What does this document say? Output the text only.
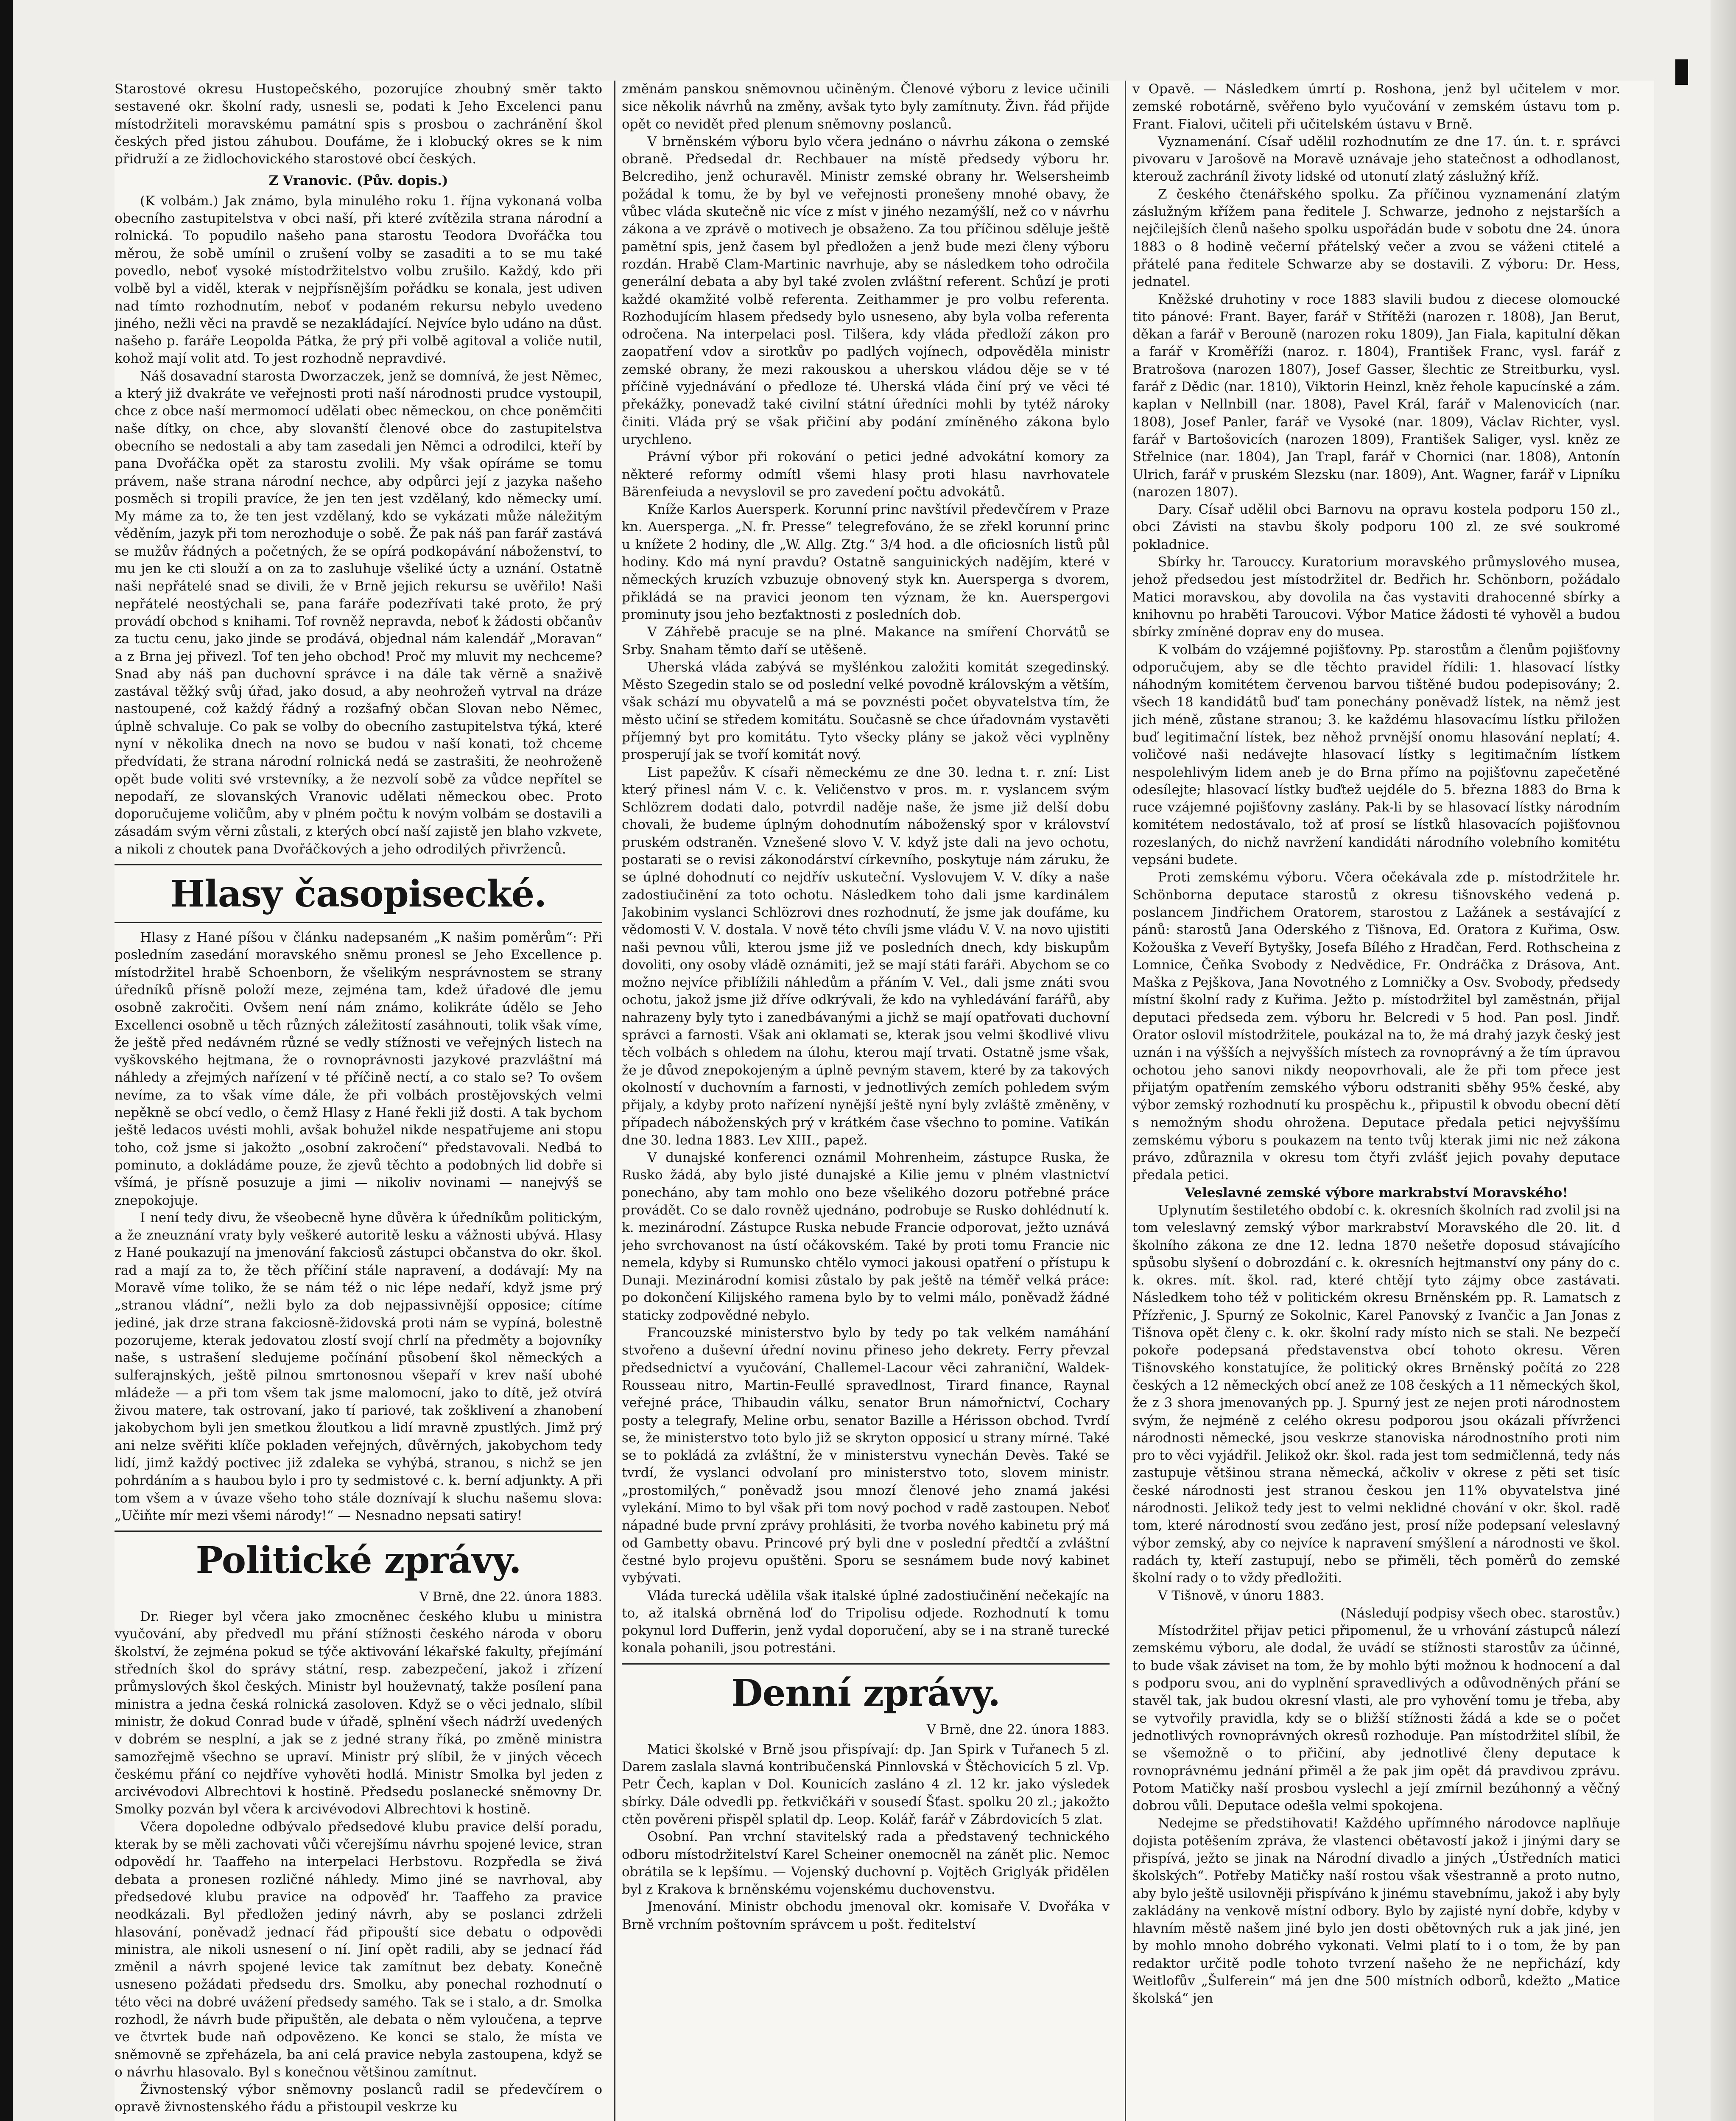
Starostové okresu Hustopečského, pozorujíce zhoubný směr takto sestavené okr. školní rady, usnesli se, podati k Jeho Excelenci panu místodržiteli moravskému památní spis s prosbou o zachránění škol českých před jistou záhubou. Doufáme, že i klobucký okres se k nim přidruží a ze židlochovického starostové obcí českých.

Z Vranovic. (Pův. dopis.)

(K volbám.) Jak známo, byla minulého roku 1. října vykonaná volba obecního zastupitelstva v obci naší, při které zvítězila strana národní a rolnická. To popudilo našeho pana starostu Teodora Dvořáčka tou měrou, že sobě umínil o zrušení volby se zasaditi a to se mu také povedlo, neboť vysoké místodržitelstvo volbu zrušilo. Každý, kdo při volbě byl a viděl, kterak v nejpřísnějším pořádku se konala, jest udiven nad tímto rozhodnutím, neboť v podaném rekursu nebylo uvedeno jiného, nežli věci na pravdě se nezakládající. Nejvíce bylo udáno na důst. našeho p. faráře Leopolda Pátka, že prý při volbě agitoval a voliče nutil, kohož mají volit atd. To jest rozhodně nepravdivé.

Náš dosavadní starosta Dworzaczek, jenž se domnívá, že jest Němec, a který již dvakráte ve veřejnosti proti naší národnosti prudce vystoupil, chce z obce naší mermomocí udělati obec německou, on chce poněmčiti naše dítky, on chce, aby slovanští členové obce do zastupitelstva obecního se nedostali a aby tam zasedali jen Němci a odrodilci, kteří by pana Dvořáčka opět za starostu zvolili. My však opíráme se tomu právem, naše strana národní nechce, aby odpůrci její z jazyka našeho posměch si tropili pravíce, že jen ten jest vzdělaný, kdo německy umí. My máme za to, že ten jest vzdělaný, kdo se vykázati může náležitým věděním, jazyk při tom nerozhoduje o sobě. Že pak náš pan farář zastává se mužův řádných a početných, že se opírá podkopávání náboženství, to mu jen ke cti slouží a on za to zasluhuje všeliké úcty a uznání. Ostatně naši nepřátelé snad se divili, že v Brně jejich rekursu se uvěřilo! Naši nepřátelé neostýchali se, pana faráře podezřívati také proto, že prý provádí obchod s knihami. Tof rovněž nepravda, neboť k žádosti občanův za tuctu cenu, jako jinde se prodává, objednal nám kalendář „Moravan“ a z Brna jej přivezl. Tof ten jeho obchod! Proč my mluvit my nechceme? Snad aby náš pan duchovní správce i na dále tak věrně a snaživě zastával těžký svůj úřad, jako dosud, a aby neohrožeň vytrval na dráze nastoupené, což každý řádný a rozšafný občan Slovan nebo Němec, úplně schvaluje. Co pak se volby do obecního zastupitelstva týká, které nyní v několika dnech na novo se budou v naší konati, tož chceme předvídati, že strana národní rolnická nedá se zastrašiti, že neohroženě opět bude voliti své vrstevníky, a že nezvolí sobě za vůdce nepřítel se nepodaří, ze slovanských Vranovic udělati německou obec. Proto doporučujeme voličům, aby v plném počtu k novým volbám se dostavili a zásadám svým věrni zůstali, z kterých obcí naší zajistě jen blaho vzkvete, a nikoli z choutek pana Dvořáčkových a jeho odrodilých přivrženců.

Hlasy časopisecké.

Hlasy z Hané píšou v článku nadepsaném „K našim poměrům“: Při posledním zasedání moravského sněmu pronesl se Jeho Excellence p. místodržitel hrabě Schoenborn, že všelikým nesprávnostem se strany úředníků přísně položí meze, zejména tam, kdež úřadové dle jemu osobně zakročiti. Ovšem není nám známo, kolikráte údělo se Jeho Excellenci osobně u těch různých záležitostí zasáhnouti, tolik však víme, že ještě před nedávném různé se vedly stížnosti ve veřejných listech na vyškovského hejtmana, že o rovnoprávnosti jazykové prazvláštní má náhledy a zřejmých nařízení v té příčině nectí, a co stalo se? To ovšem nevíme, za to však víme dále, že při volbách prostějovských velmi nepěkně se obcí vedlo, o čemž Hlasy z Hané řekli již dosti. A tak bychom ještě ledacos uvésti mohli, avšak bohužel nikde nespatřujeme ani stopu toho, což jsme si jakožto „osobní zakročení“ představovali. Nedbá to pominuto, a dokládáme pouze, že zjevů těchto a podobných lid dobře si všímá, je přísně posuzuje a jimi — nikoliv novinami — nanejvýš se znepokojuje.

I není tedy divu, že všeobecně hyne důvěra k úředníkům politickým, a že zneuznání vraty byly veškeré autoritě lesku a vážnosti ubývá. Hlasy z Hané poukazují na jmenování fakciosů zástupci občanstva do okr. škol. rad a mají za to, že těch příčiní stále napravení, a dodávají: My na Moravě víme toliko, že se nám též o nic lépe nedaří, když jsme prý „stranou vládní“, nežli bylo za dob nejpassivnější opposice; cítíme jediné, jak drze strana fakciosně-židovská proti nám se vypíná, bolestně pozorujeme, kterak jedovatou zlostí svojí chrlí na předměty a bojovníky naše, s ustrašení sledujeme počínání působení škol německých a sulferajnských, ještě pilnou smrtonosnou všepaří v krev naší ubohé mládeže — a při tom všem tak jsme malomocní, jako to dítě, jež otvírá živou matere, tak ostrovaní, jako tí pariové, tak zošklivení a zhanobení jakobychom byli jen smetkou žloutkou a lidí mravně zpustlých. Jimž prý ani nelze svěřiti klíče pokladen veřejných, důvěrných, jakobychom tedy lidí, jimž každý poctivec již zdaleka se vyhýbá, stranou, s nichž se jen pohrdáním a s haubou bylo i pro ty sedmistové c. k. berní adjunkty. A při tom všem a v úvaze všeho toho stále doznívají k sluchu našemu slova: „Učiňte mír mezi všemi národy!“ — Nesnadno nepsati satiry!

Politické zprávy.
V Brně, dne 22. února 1883.

Dr. Rieger byl včera jako zmocněnec českého klubu u ministra vyučování, aby předvedl mu přání stížnosti českého národa v oboru školství, že zejména pokud se týče aktivování lékařské fakulty, přejímání středních škol do správy státní, resp. zabezpečení, jakož i zřízení průmyslových škol českých. Ministr byl houževnatý, takže posílení pana ministra a jedna česká rolnická zasoloven. Když se o věci jednalo, slíbil ministr, že dokud Conrad bude v úřadě, splnění všech nádrží uvedených v dobrém se nesplní, a jak se z jedné strany říká, po změně ministra samozřejmě všechno se upraví. Ministr prý slíbil, že v jiných věcech českému přání co nejdříve vyhověti hodlá. Ministr Smolka byl jeden z arcivévodovi Albrechtovi k hostině. Předsedu poslanecké sněmovny Dr. Smolky pozván byl včera k arcivévodovi Albrechtovi k hostině.

Včera dopoledne odbývalo předsedové klubu pravice delší poradu, kterak by se měli zachovati vůči včerejšímu návrhu spojené levice, stran odpovědí hr. Taaffeho na interpelaci Herbstovu. Rozpředla se živá debata a pronesen rozličné náhledy. Mimo jiné se navrhoval, aby předsedové klubu pravice na odpověď hr. Taaffeho za pravice neodkázali. Byl předložen jediný návrh, aby se poslanci zdrželi hlasování, poněvadž jednací řád připouští sice debatu o odpovědi ministra, ale nikoli usnesení o ní. Jiní opět radili, aby se jednací řád změnil a návrh spojené levice tak zamítnut bez debaty. Konečně usneseno požádati předsedu drs. Smolku, aby ponechal rozhodnutí o této věci na dobré uvážení předsedy samého. Tak se i stalo, a dr. Smolka rozhodl, že návrh bude připuštěn, ale debata o něm vyloučena, a teprve ve čtvrtek bude naň odpovězeno. Ke konci se stalo, že místa ve sněmovně se zpřeházela, ba ani celá pravice nebyla zastoupena, když se o návrhu hlasovalo. Byl s konečnou většinou zamítnut.

Živnostenský výbor sněmovny poslanců radil se předevčírem o opravě živnostenského řádu a přistoupil veskrze ku

změnám panskou sněmovnou učiněným. Členové výboru z levice učinili sice několik návrhů na změny, avšak tyto byly zamítnuty. Živn. řád přijde opět co nevidět před plenum sněmovny poslanců.

V brněnském výboru bylo včera jednáno o návrhu zákona o zemské obraně. Předsedal dr. Rechbauer na místě předsedy výboru hr. Belcrediho, jenž ochuravěl. Ministr zemské obrany hr. Welsersheimb požádal k tomu, že by byl ve veřejnosti pronešeny mnohé obavy, že vůbec vláda skutečně nic více z míst v jiného nezamýšlí, než co v návrhu zákona a ve zprávě o motivech je obsaženo. Za tou příčinou sděluje ještě pamětní spis, jenž časem byl předložen a jenž bude mezi členy výboru rozdán. Hrabě Clam-Martinic navrhuje, aby se následkem toho odročila generální debata a aby byl také zvolen zvláštní referent. Schůzí je proti každé okamžité volbě referenta. Zeithammer je pro volbu referenta. Rozhodujícím hlasem předsedy bylo usneseno, aby byla volba referenta odročena. Na interpelaci posl. Tilšera, kdy vláda předloží zákon pro zaopatření vdov a sirotkův po padlých vojínech, odpověděla ministr zemské obrany, že mezi rakouskou a uherskou vládou děje se v té příčině vyjednávání o předloze té. Uherská vláda činí prý ve věci té překážky, ponevadž také civilní státní úředníci mohli by tytéž nároky činiti. Vláda prý se však přičiní aby podání zmíněného zákona bylo urychleno.

Právní výbor při rokování o petici jedné advokátní komory za některé reformy odmítl všemi hlasy proti hlasu navrhovatele Bärenfeiuda a nevyslovil se pro zavedení počtu advokátů.

Kníže Karlos Auersperk. Korunní princ navštívil předevčírem v Praze kn. Auersperga. „N. fr. Presse“ telegrefováno, že se zřekl korunní princ u knížete 2 hodiny, dle „W. Allg. Ztg.“ 3/4 hod. a dle oficiosních listů půl hodiny. Kdo má nyní pravdu? Ostatně sanguinických nadějím, které v německých kruzích vzbuzuje obnovený styk kn. Auersperga s dvorem, přikládá se na pravici jeonom ten význam, že kn. Auerspergovi prominuty jsou jeho bezťaktnosti z posledních dob.

V Záhřebě pracuje se na plné. Makance na smíření Chorvátů se Srby. Snaham těmto daří se utěšeně.

Uherská vláda zabývá se myšlénkou založiti komitát szegedinský. Město Szegedin stalo se od poslední velké povodně královským a větším, však schází mu obyvatelů a má se povznésti počet obyvatelstva tím, že město učiní se středem komitátu. Současně se chce úřadovnám vystavěti příjemný byt pro komitátu. Tyto všecky plány se jakož věci vyplněny prosperují jak se tvoří komitát nový.

List papežův. K císaři německému ze dne 30. ledna t. r. zní: List který přinesl nám V. c. k. Veličenstvo v pros. m. r. vyslancem svým Schlözrem dodati dalo, potvrdil naděje naše, že jsme již delší dobu chovali, že budeme úplným dohodnutím náboženský spor v království pruském odstraněn. Vznešené slovo V. V. když jste dali na jevo ochotu, postarati se o revisi zákonodárství církevního, poskytuje nám záruku, že se úplné dohodnutí co nejdřív uskuteční. Vyslovujem V. V. díky a naše zadostiučinění za toto ochotu. Následkem toho dali jsme kardinálem Jakobinim vyslanci Schlözrovi dnes rozhodnutí, že jsme jak doufáme, ku vědomosti V. V. dostala. V nově této chvíli jsme vládu V. V. na novo ujistiti naši pevnou vůli, kterou jsme již ve posledních dnech, kdy biskupům dovoliti, ony osoby vládě oznámiti, jež se mají státi faráři. Abychom se co možno nejvíce přiblížili náhledům a přáním V. Vel., dali jsme znáti svou ochotu, jakož jsme již dříve odkrývali, že kdo na vyhledávání farářů, aby nahrazeny byly tyto i zanedbávanými a jichž se mají opatřovati duchovní správci a farnosti. Však ani oklamati se, kterak jsou velmi škodlivé vlivu těch volbách s ohledem na úlohu, kterou mají trvati. Ostatně jsme však, že je důvod znepokojeným a úplně pevným stavem, které by za takových okolností v duchovním a farnosti, v jednotlivých zemích pohledem svým přijaly, a kdyby proto nařízení nynější ještě nyní byly zvláště změněny, v případech náboženských prý v krátkém čase všechno to pomine. Vatikán dne 30. ledna 1883. Lev XIII., papež.

V dunajské konferenci oznámil Mohrenheim, zástupce Ruska, že Rusko žádá, aby bylo jisté dunajské a Kilie jemu v plném vlastnictví ponecháno, aby tam mohlo ono beze všelikého dozoru potřebné práce provádět. Co se dalo rovněž ujednáno, podrobuje se Rusko dohlédnutí k. k. mezinárodní. Zástupce Ruska nebude Francie odporovat, ježto uznává jeho svrchovanost na ústí očákovském. Také by proti tomu Francie nic nemela, kdyby si Rumunsko chtělo vymoci jakousi opatření o přístupu k Dunaji. Mezinárodní komisi zůstalo by pak ještě na téměř velká práce: po dokončení Kilijského ramena bylo by to velmi málo, poněvadž žádné staticky zodpovědné nebylo.

Francouzské ministerstvo bylo by tedy po tak velkém namáhání stvořeno a duševní úřední novinu přineso jeho dekrety. Ferry převzal předsednictví a vyučování, Challemel-Lacour věci zahraniční, Waldek-Rousseau nitro, Martin-Feullé spravedlnost, Tirard finance, Raynal veřejné práce, Thibaudin válku, senator Brun námořnictví, Cochary posty a telegrafy, Meline orbu, senator Bazille a Hérisson obchod. Tvrdí se, že ministerstvo toto bylo již se skryton opposicí u strany mírné. Také se to pokládá za zvláštní, že v ministerstvu vynechán Devès. Také se tvrdí, že vyslanci odvolaní pro ministerstvo toto, slovem ministr. „prostomilých,“ poněvadž jsou mnozí členové jeho znamá jakési vylekání. Mimo to byl však při tom nový pochod v radě zastoupen. Neboť nápadné bude první zprávy prohlásiti, že tvorba nového kabinetu prý má od Gambetty obavu. Princové prý byli dne v poslední předtčí a zvláštní čestné bylo projevu opuštěni. Sporu se sesnámem bude nový kabinet vybývati.

Vláda turecká udělila však italské úplné zadostiučinění nečekajíc na to, až italská obrněná loď do Tripolisu odjede. Rozhodnutí k tomu pokynul lord Dufferin, jenž vydal doporučení, aby se i na straně turecké konala pohanili, jsou potrestáni.

Denní zprávy.
V Brně, dne 22. února 1883.

Matici školské v Brně jsou přispívají: dp. Jan Spirk v Tuřanech 5 zl. Darem zaslala slavná kontribučenská Pinnlovská v Štěchovicích 5 zl. Vp. Petr Čech, kaplan v Dol. Kounicích zasláno 4 zl. 12 kr. jako výsledek sbírky. Dále odvedli pp. řetkvičkáři v sousedí Šťast. spolku 20 zl.; jakožto ctěn pověreni přispěl splatil dp. Leop. Kolář, farář v Zábrdovicích 5 zlat.

Osobní. Pan vrchní stavitelský rada a představený technického odboru místodržitelství Karel Scheiner onemocněl na zánět plic. Nemoc obrátila se k lepšímu. — Vojenský duchovní p. Vojtěch Griglyák přidělen byl z Krakova k brněnskému vojenskému duchovenstvu.

Jmenování. Ministr obchodu jmenoval okr. komisaře V. Dvořáka v Brně vrchním poštovním správcem u pošt. ředitelství

v Opavě. — Následkem úmrtí p. Roshona, jenž byl učitelem v mor. zemské robotárně, svěřeno bylo vyučování v zemském ústavu tom p. Frant. Fialovi, učiteli při učitelském ústavu v Brně.

Vyznamenání. Císař udělil rozhodnutím ze dne 17. ún. t. r. správci pivovaru v Jarošově na Moravě uznávaje jeho statečnost a odhodlanost, kterouž zachráníl životy lidské od utonutí zlatý záslužný kříž.

Z českého čtenářského spolku. Za příčinou vyznamenání zlatým záslužným křížem pana ředitele J. Schwarze, jednoho z nejstarších a nejčilejších členů našeho spolku uspořádán bude v sobotu dne 24. února 1883 o 8 hodině večerní přátelský večer a zvou se váženi ctitelé a přátelé pana ředitele Schwarze aby se dostavili. Z výboru: Dr. Hess, jednatel.

Kněžské druhotiny v roce 1883 slavili budou z diecese olomoucké tito pánové: Frant. Bayer, farář v Střítěži (narozen r. 1808), Jan Berut, děkan a farář v Berouně (narozen roku 1809), Jan Fiala, kapitulní děkan a farář v Kroměříži (naroz. r. 1804), František Franc, vysl. farář z Bratrošova (narozen 1807), Josef Gasser, šlechtic ze Streitburku, vysl. farář z Dědic (nar. 1810), Viktorin Heinzl, kněz řehole kapucínské a zám. kaplan v Nellnbill (nar. 1808), Pavel Král, farář v Malenovicích (nar. 1808), Josef Panler, farář ve Vysoké (nar. 1809), Václav Richter, vysl. farář v Bartošovicích (narozen 1809), František Saliger, vysl. kněz ze Střelnice (nar. 1804), Jan Trapl, farář v Chornici (nar. 1808), Antonín Ulrich, farář v pruském Slezsku (nar. 1809), Ant. Wagner, farář v Lipníku (narozen 1807).

Dary. Císař udělil obci Barnovu na opravu kostela podporu 150 zl., obci Závisti na stavbu školy podporu 100 zl. ze své soukromé pokladnice.

Sbírky hr. Tarouccy. Kuratorium moravského průmyslového musea, jehož předsedou jest místodržitel dr. Bedřich hr. Schönborn, požádalo Matici moravskou, aby dovolila na čas vystaviti drahocenné sbírky a knihovnu po hraběti Taroucovi. Výbor Matice žádosti té vyhověl a budou sbírky zmíněné doprav eny do musea.

K volbám do vzájemné pojišťovny. Pp. starostům a členům pojišťovny odporučujem, aby se dle těchto pravidel řídili: 1. hlasovací lístky náhodným komitétem červenou barvou tištěné budou podepisovány; 2. všech 18 kandidátů buď tam ponechány poněvadž lístek, na němž jest jich méně, zůstane stranou; 3. ke každému hlasovacímu lístku přiložen buď legitimační lístek, bez něhož prvnější onomu hlasování neplatí; 4. voličové naši nedávejte hlasovací lístky s legitimačním lístkem nespolehlivým lidem aneb je do Brna přímo na pojišťovnu zapečetěné odesílejte; hlasovací lístky buďtež uejdéle do 5. března 1883 do Brna k ruce vzájemné pojišťovny zaslány. Pak-li by se hlasovací lístky národním komitétem nedostávalo, tož ať prosí se lístků hlasovacích pojišťovnou rozeslaných, do nichž navržení kandidáti národního volebního komitétu vepsáni budete.

Proti zemskému výboru. Včera očekávala zde p. místodržitele hr. Schönborna deputace starostů z okresu tišnovského vedená p. poslancem Jindřichem Oratorem, starostou z Lažánek a sestávající z pánů: starostů Jana Oderského z Tišnova, Ed. Oratora z Kuřima, Osw. Kožouška z Veveří Bytyšky, Josefa Bílého z Hradčan, Ferd. Rothscheina z Lomnice, Čeňka Svobody z Nedvědice, Fr. Ondráčka z Drásova, Ant. Maška z Pejškova, Jana Novotného z Lomničky a Osv. Svobody, předsedy místní školní rady z Kuřima. Ježto p. místodržitel byl zaměstnán, přijal deputaci předseda zem. výboru hr. Belcredi v 5 hod. Pan posl. Jindř. Orator oslovil místodržitele, poukázal na to, že má drahý jazyk český jest uznán i na výšších a nejvyšších místech za rovnoprávný a že tím úpravou ochotou jeho sanovi nikdy neopovrhovali, ale že při tom přece jest přijatým opatřením zemského výboru odstraniti sběhy 95% české, aby výbor zemský rozhodnutí ku prospěchu k., připustil k obvodu obecní dětí s nemožným shodu ohrožena. Deputace předala petici nejvyššímu zemskému výboru s poukazem na tento tvůj kterak jimi nic než zákona právo, zdůraznila v okresu tom čtyři zvlášť jejich povahy deputace předala petici.

Veleslavné zemské výbore markrabství Moravského!

Uplynutím šestiletého období c. k. okresních školních rad zvolil jsi na tom veleslavný zemský výbor markrabství Moravského dle 20. lit. d školního zákona ze dne 12. ledna 1870 nešetře doposud stávajícího spůsobu slyšení o dobrozdání c. k. okresních hejtmanství ony pány do c. k. okres. mít. škol. rad, které chtějí tyto zájmy obce zastávati. Následkem toho též v politickém okresu Brněnském pp. R. Lamatsch z Přízřenic, J. Spurný ze Sokolnic, Karel Panovský z Ivančic a Jan Jonas z Tišnova opět členy c. k. okr. školní rady místo nich se stali. Ne bezpečí pokoře podepsaná představenstva obcí tohoto okresu. Věren Tišnovského konstatujíce, že politický okres Brněnský počítá zo 228 českých a 12 německých obcí anež ze 108 českých a 11 německých škol, že z 3 shora jmenovaných pp. J. Spurný jest ze nejen proti národnostem svým, že nejméně z celého okresu podporou jsou okázali přívrženci národnosti německé, jsou veskrze stanoviska národnostního proti nim pro to věci vyjádřil. Jelikož okr. škol. rada jest tom sedmičlenná, tedy nás zastupuje většinou strana německá, ačkoliv v okrese z pěti set tisíc české národnosti jest stranou českou jen 11% obyvatelstva jiné národnosti. Jelikož tedy jest to velmi neklidné chování v okr. škol. radě tom, které národností svou zeďáno jest, prosí níže podepsaní veleslavný výbor zemský, aby co nejvíce k napravení smýšlení a národnosti ve škol. radách ty, kteří zastupují, nebo se přiměli, těch poměrů do zemské školní rady o to vždy předložiti.

V Tišnově, v únoru 1883.

(Následují podpisy všech obec. starostův.)

Místodržitel přijav petici připomenul, že u vrhování zástupců nálezí zemskému výboru, ale dodal, že uvádí se stížnosti starostův za účinné, to bude však záviset na tom, že by mohlo býti možnou k hodnocení a dal s podporu svou, ani do vyplnění spravedlivých a odůvodněných přání se stavěl tak, jak budou okresní vlasti, ale pro vyhovění tomu je třeba, aby se vytvořily pravidla, kdy se o bližší stížnosti žádá a kde se o počet jednotlivých rovnoprávných okresů rozhoduje. Pan místodržitel slíbil, že se všemožně o to přičiní, aby jednotlivé členy deputace k rovnoprávnému jednání přiměl a že pak jim opět dá pravdivou zprávu. Potom Matičky naší prosbou vyslechl a její zmírnil bezúhonný a věčný dobrou vůli. Deputace odešla velmi spokojena.

Nedejme se předstihovati! Každého upřímného národovce naplňuje dojista potěšením zpráva, že vlastenci obětavostí jakož i jinými dary se přispívá, ježto se jinak na Národní divadlo a jiných „Ústředních matici školských“. Potřeby Matičky naší rostou však všestranně a proto nutno, aby bylo ještě usilovněji přispíváno k jinému stavebnímu, jakož i aby byly zakládány na venkově místní odbory. Bylo by zajisté nyní dobře, kdyby v hlavním městě našem jiné bylo jen dosti obětovných ruk a jak jiné, jen by mohlo mnoho dobrého vykonati. Velmi platí to i o tom, že by pan redaktor určitě podle tohoto tvrzení našeho že ne nepřichází, kdy Weitlofův „Šulferein“ má jen dne 500 místních odborů, kdežto „Matice školská“ jen
